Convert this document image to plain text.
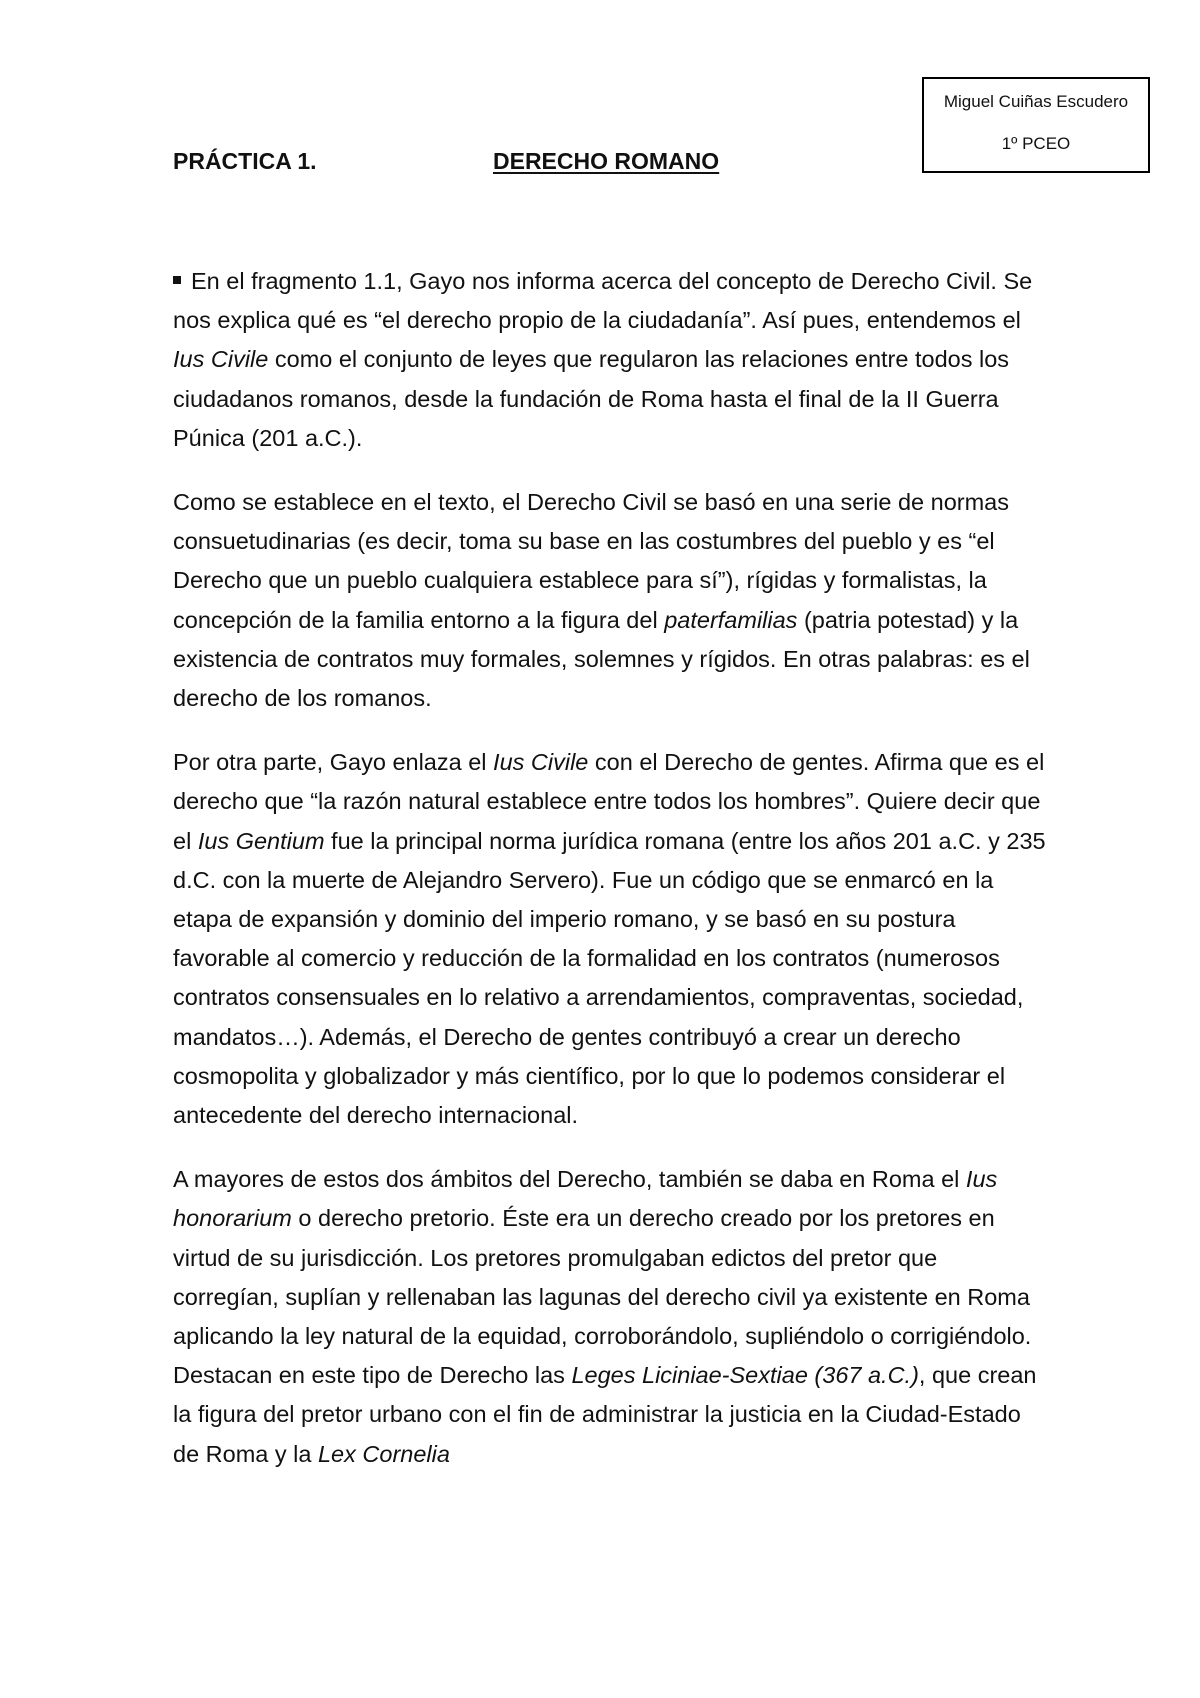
Miguel Cuiñas Escudero
1º PCEO
PRÁCTICA 1.	DERECHO ROMANO

En el fragmento 1.1, Gayo nos informa acerca del concepto de Derecho Civil. Se nos explica qué es “el derecho propio de la ciudadanía”. Así pues, entendemos el Ius Civile como el conjunto de leyes que regularon las relaciones entre todos los ciudadanos romanos, desde la fundación de Roma hasta el final de la II Guerra Púnica (201 a.C.).

Como se establece en el texto, el Derecho Civil se basó en una serie de normas consuetudinarias (es decir, toma su base en las costumbres del pueblo y es “el Derecho que un pueblo cualquiera establece para sí”), rígidas y formalistas, la concepción de la familia entorno a la figura del paterfamilias (patria potestad) y la existencia de contratos muy formales, solemnes y rígidos. En otras palabras: es el derecho de los romanos.

Por otra parte, Gayo enlaza el Ius Civile con el Derecho de gentes. Afirma que es el derecho que “la razón natural establece entre todos los hombres”. Quiere decir que el Ius Gentium fue la principal norma jurídica romana (entre los años 201 a.C. y 235 d.C. con la muerte de Alejandro Servero). Fue un código que se enmarcó en la etapa de expansión y dominio del imperio romano, y se basó en su postura favorable al comercio y reducción de la formalidad en los contratos (numerosos contratos consensuales en lo relativo a arrendamientos, compraventas, sociedad, mandatos…). Además, el Derecho de gentes contribuyó a crear un derecho cosmopolita y globalizador y más científico, por lo que lo podemos considerar el antecedente del derecho internacional.

A mayores de estos dos ámbitos del Derecho, también se daba en Roma el Ius honorarium o derecho pretorio. Éste era un derecho creado por los pretores en virtud de su jurisdicción. Los pretores promulgaban edictos del pretor que corregían, suplían y rellenaban las lagunas del derecho civil ya existente en Roma aplicando la ley natural de la equidad, corroborándolo, supliéndolo o corrigiéndolo. Destacan en este tipo de Derecho las Leges Liciniae-Sextiae (367 a.C.), que crean la figura del pretor urbano con el fin de administrar la justicia en la Ciudad-Estado de Roma y la Lex Cornelia
